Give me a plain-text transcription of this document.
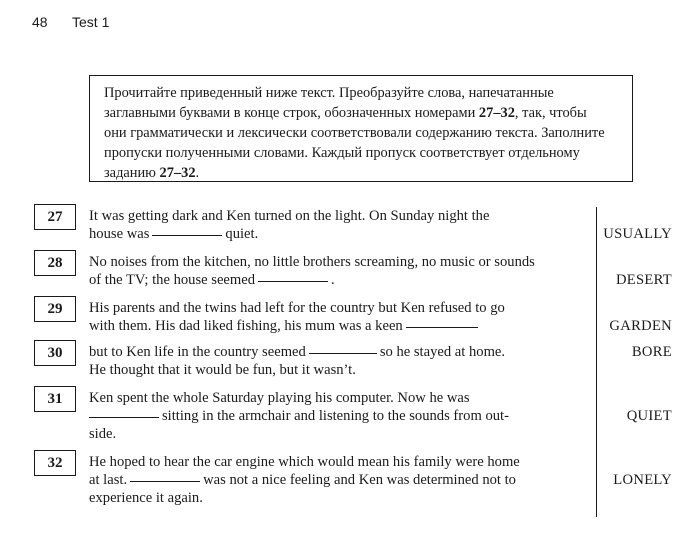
48 Test 1
Прочитайте приведенный ниже текст. Преобразуйте слова, напечатанные
заглавными буквами в конце строк, обозначенных номерами 27–32, так, чтобы
они грамматически и лексически соответствовали содержанию текста. Заполните
пропуски полученными словами. Каждый пропуск соответствует отдельному
заданию 27–32.
27	It was getting dark and Ken turned on the light. On Sunday night the
house was	quiet.	USUALLY
28	No noises from the kitchen, no little brothers screaming, no music or sounds
of the TV; the house seemed	.	DESERT
29	His parents and the twins had left for the country but Ken refused to go
with them. His dad liked fishing, his mum was a keen	GARDEN
30	but to Ken life in the country seemed	so he stayed at home.
He thought that it would be fun, but it wasn’t.
BORE
31	Ken spent the whole Saturday playing his computer. Now he was
sitting in the armchair and listening to the sounds from out-
side.
QUIET
32	He hoped to hear the car engine which would mean his family were home
at last.	was not a nice feeling and Ken was determined not to
experience it again.
LONELY
